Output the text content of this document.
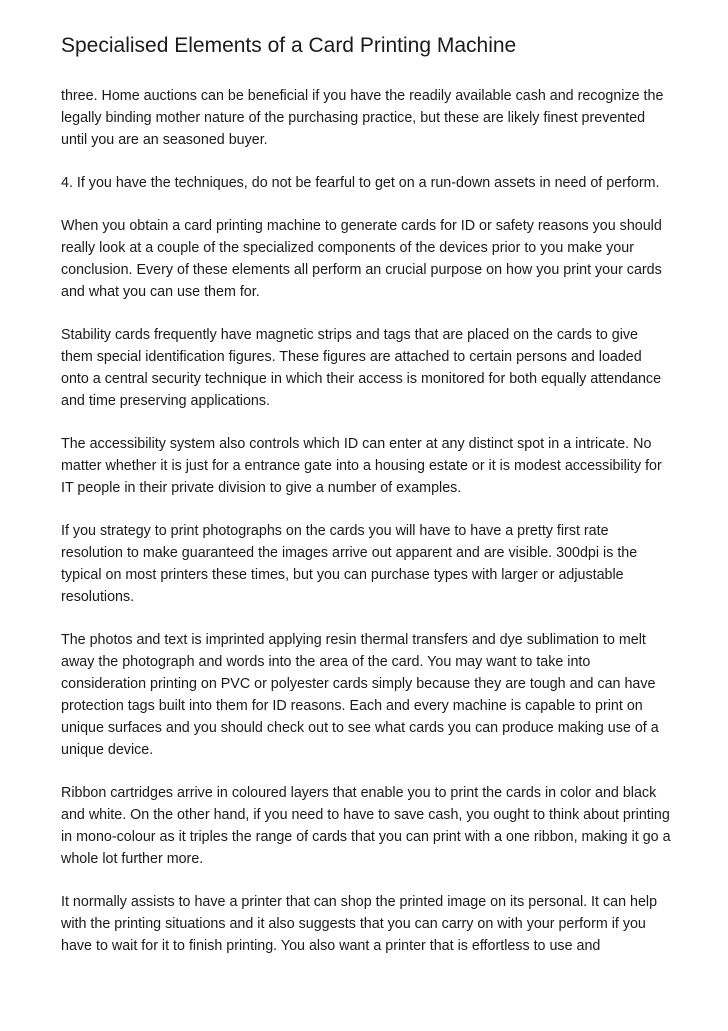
Specialised Elements of a Card Printing Machine

three. Home auctions can be beneficial if you have the readily available cash and recognize the legally binding mother nature of the purchasing practice, but these are likely finest prevented until you are an seasoned buyer.

4. If you have the techniques, do not be fearful to get on a run-down assets in need of perform.

When you obtain a card printing machine to generate cards for ID or safety reasons you should really look at a couple of the specialized components of the devices prior to you make your conclusion. Every of these elements all perform an crucial purpose on how you print your cards and what you can use them for.

Stability cards frequently have magnetic strips and tags that are placed on the cards to give them special identification figures. These figures are attached to certain persons and loaded onto a central security technique in which their access is monitored for both equally attendance and time preserving applications.

The accessibility system also controls which ID can enter at any distinct spot in a intricate. No matter whether it is just for a entrance gate into a housing estate or it is modest accessibility for IT people in their private division to give a number of examples.

If you strategy to print photographs on the cards you will have to have a pretty first rate resolution to make guaranteed the images arrive out apparent and are visible. 300dpi is the typical on most printers these times, but you can purchase types with larger or adjustable resolutions.

The photos and text is imprinted applying resin thermal transfers and dye sublimation to melt away the photograph and words into the area of the card. You may want to take into consideration printing on PVC or polyester cards simply because they are tough and can have protection tags built into them for ID reasons. Each and every machine is capable to print on unique surfaces and you should check out to see what cards you can produce making use of a unique device.

Ribbon cartridges arrive in coloured layers that enable you to print the cards in color and black and white. On the other hand, if you need to have to save cash, you ought to think about printing in mono-colour as it triples the range of cards that you can print with a one ribbon, making it go a whole lot further more.

It normally assists to have a printer that can shop the printed image on its personal. It can help with the printing situations and it also suggests that you can carry on with your perform if you have to wait for it to finish printing. You also want a printer that is effortless to use and
